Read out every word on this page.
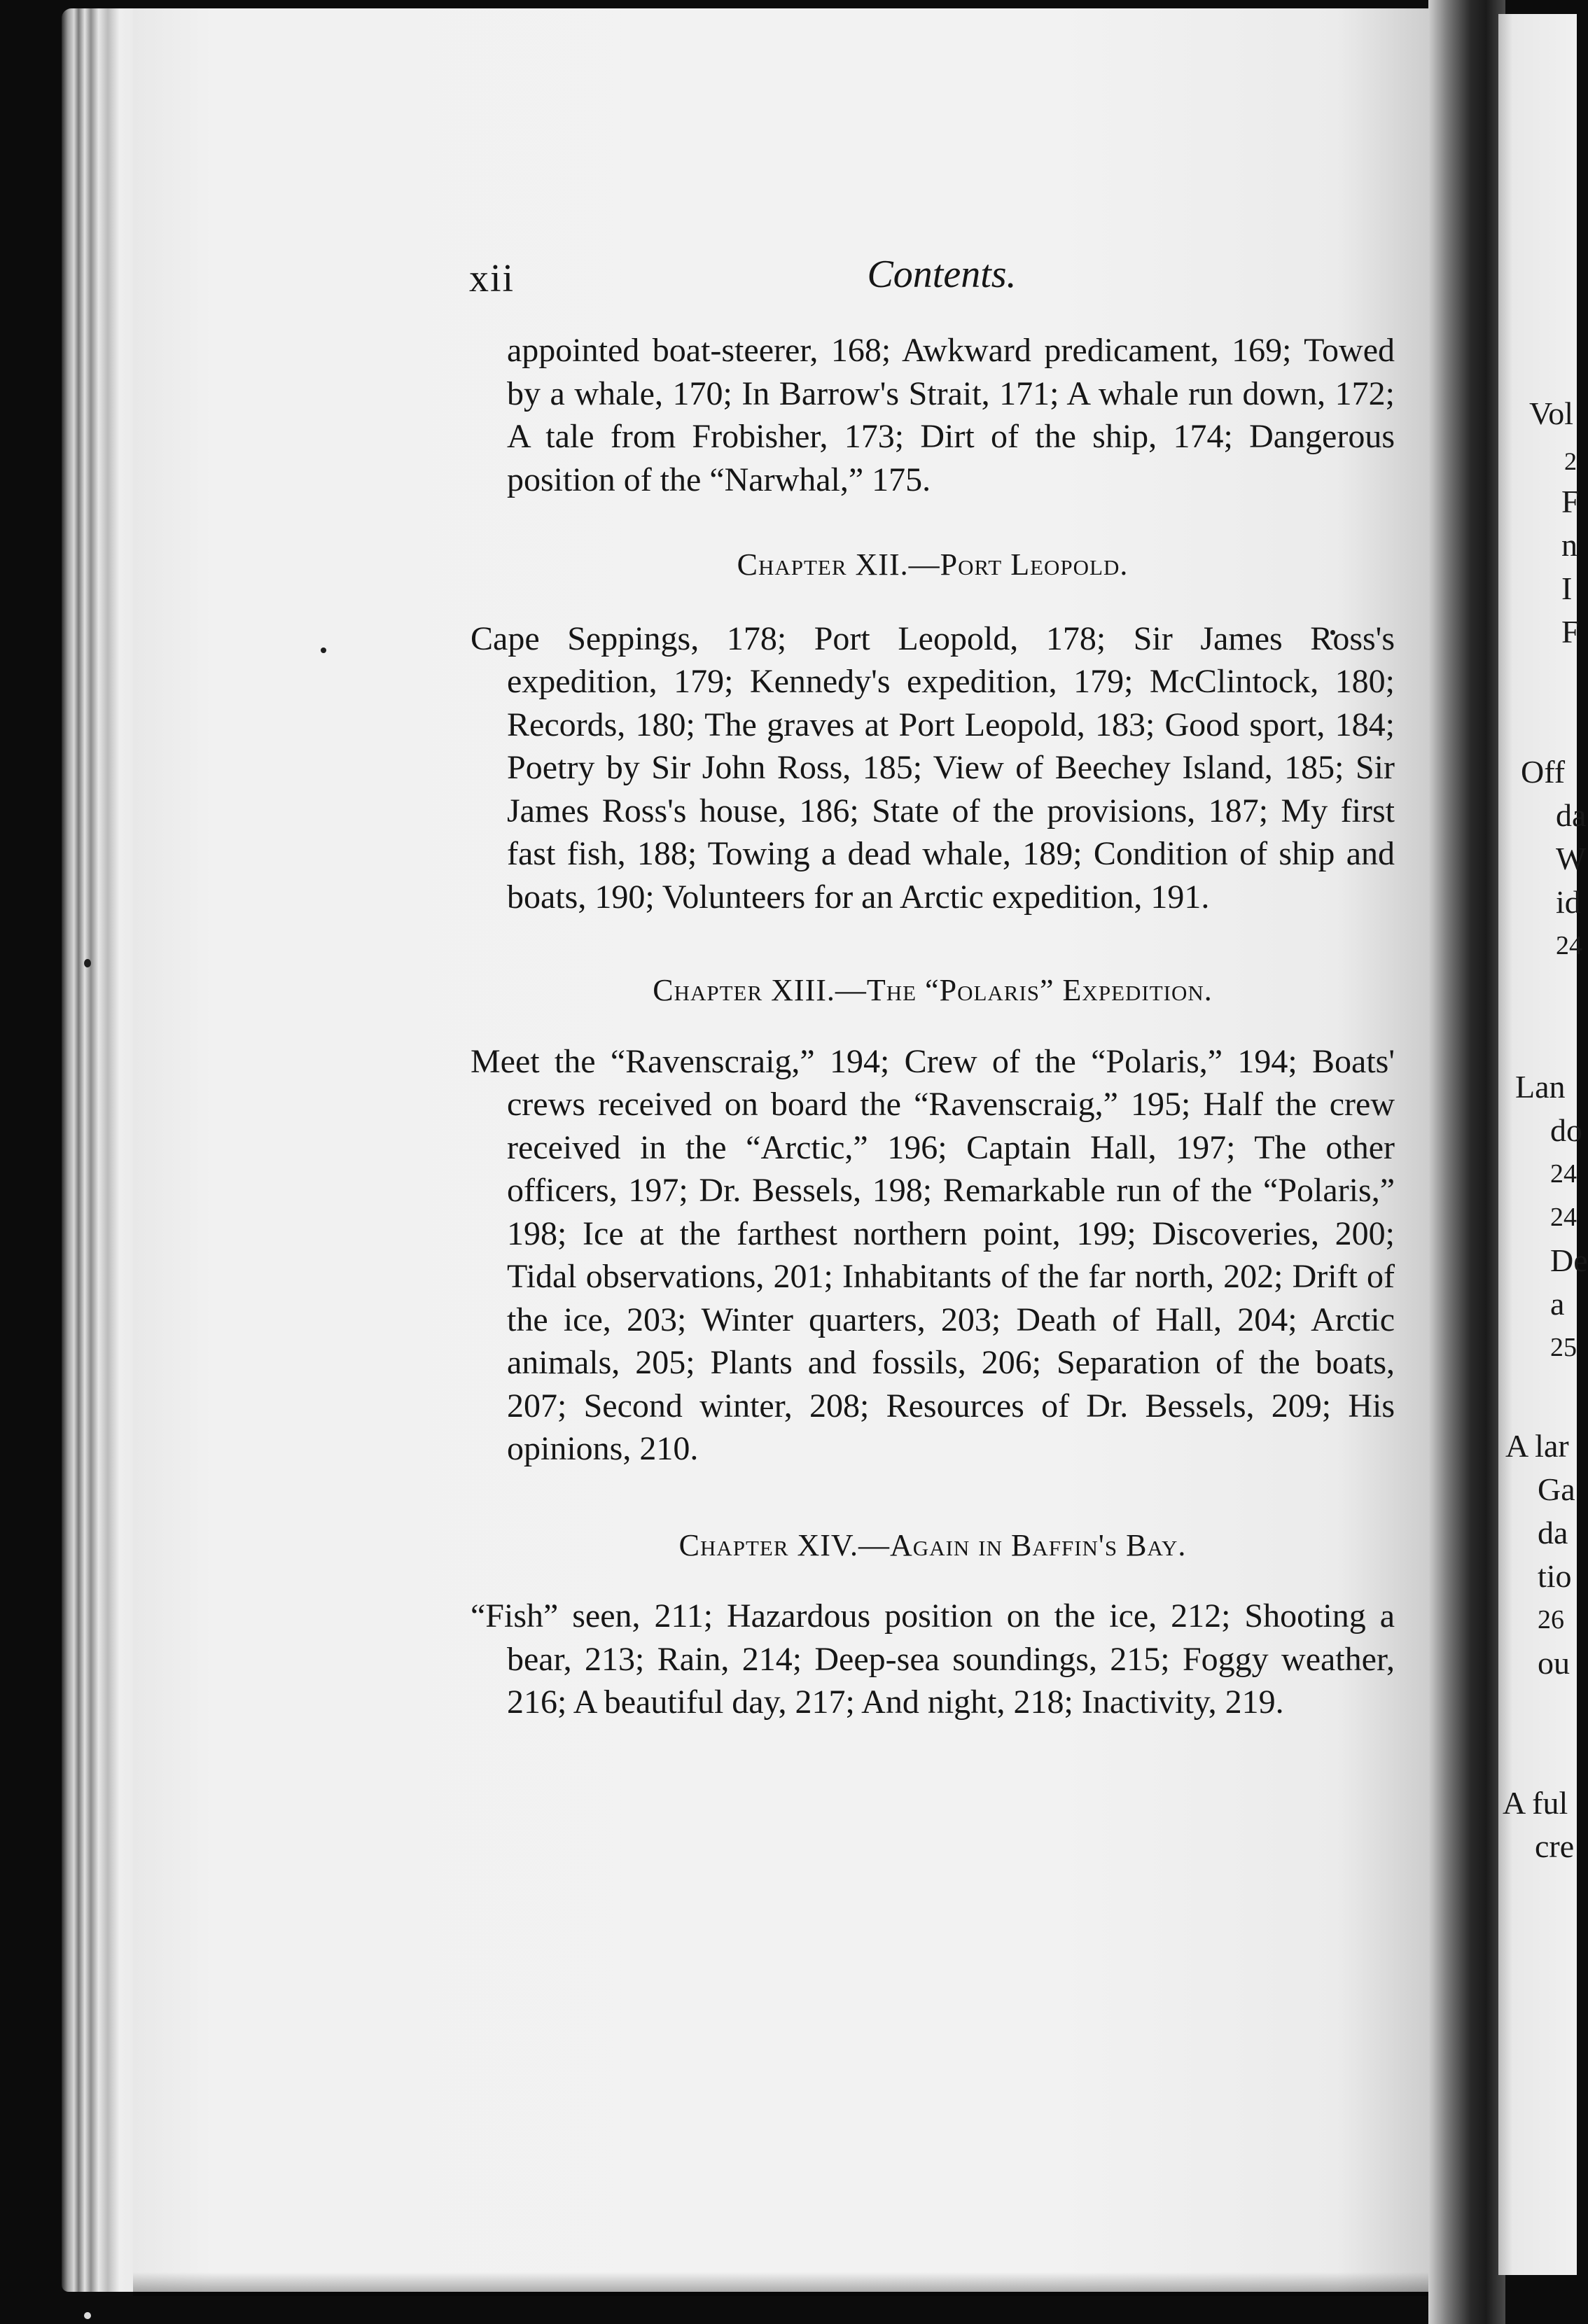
xii	Contents.

appointed boat-steerer, 168; Awkward predicament, 169; Towed by a whale, 170; In Barrow's Strait, 171; A whale run down, 172; A tale from Frobisher, 173; Dirt of the ship, 174; Dangerous position of the “Narwhal,” 175.

Chapter XII.—Port Leopold.

Cape Seppings, 178; Port Leopold, 178; Sir James Ross's expedition, 179; Kennedy's expedition, 179; McClintock, 180; Records, 180; The graves at Port Leopold, 183; Good sport, 184; Poetry by Sir John Ross, 185; View of Beechey Island, 185; Sir James Ross's house, 186; State of the provisions, 187; My first fast fish, 188; Towing a dead whale, 189; Condition of ship and boats, 190; Volunteers for an Arctic expedition, 191.

Chapter XIII.—The “Polaris” Expedition.

Meet the “Ravenscraig,” 194; Crew of the “Polaris,” 194; Boats' crews received on board the “Ravenscraig,” 195; Half the crew received in the “Arctic,” 196; Captain Hall, 197; The other officers, 197; Dr. Bessels, 198; Remarkable run of the “Polaris,” 198; Ice at the farthest northern point, 199; Discoveries, 200; Tidal observations, 201; Inhabitants of the far north, 202; Drift of the ice, 203; Winter quarters, 203; Death of Hall, 204; Arctic animals, 205; Plants and fossils, 206; Separation of the boats, 207; Second winter, 208; Resources of Dr. Bessels, 209; His opinions, 210.

Chapter XIV.—Again in Baffin's Bay.

“Fish” seen, 211; Hazardous position on the ice, 212; Shooting a bear, 213; Rain, 214; Deep-sea soundings, 215; Foggy weather, 216; A beautiful day, 217; And night, 218; Inactivity, 219.

Vol
2
F
n
I
F
Off
da
W
id
24
Lan
do
24
24
De
a
25
A lar
Ga
da
tio
26
ou
A ful
cre
